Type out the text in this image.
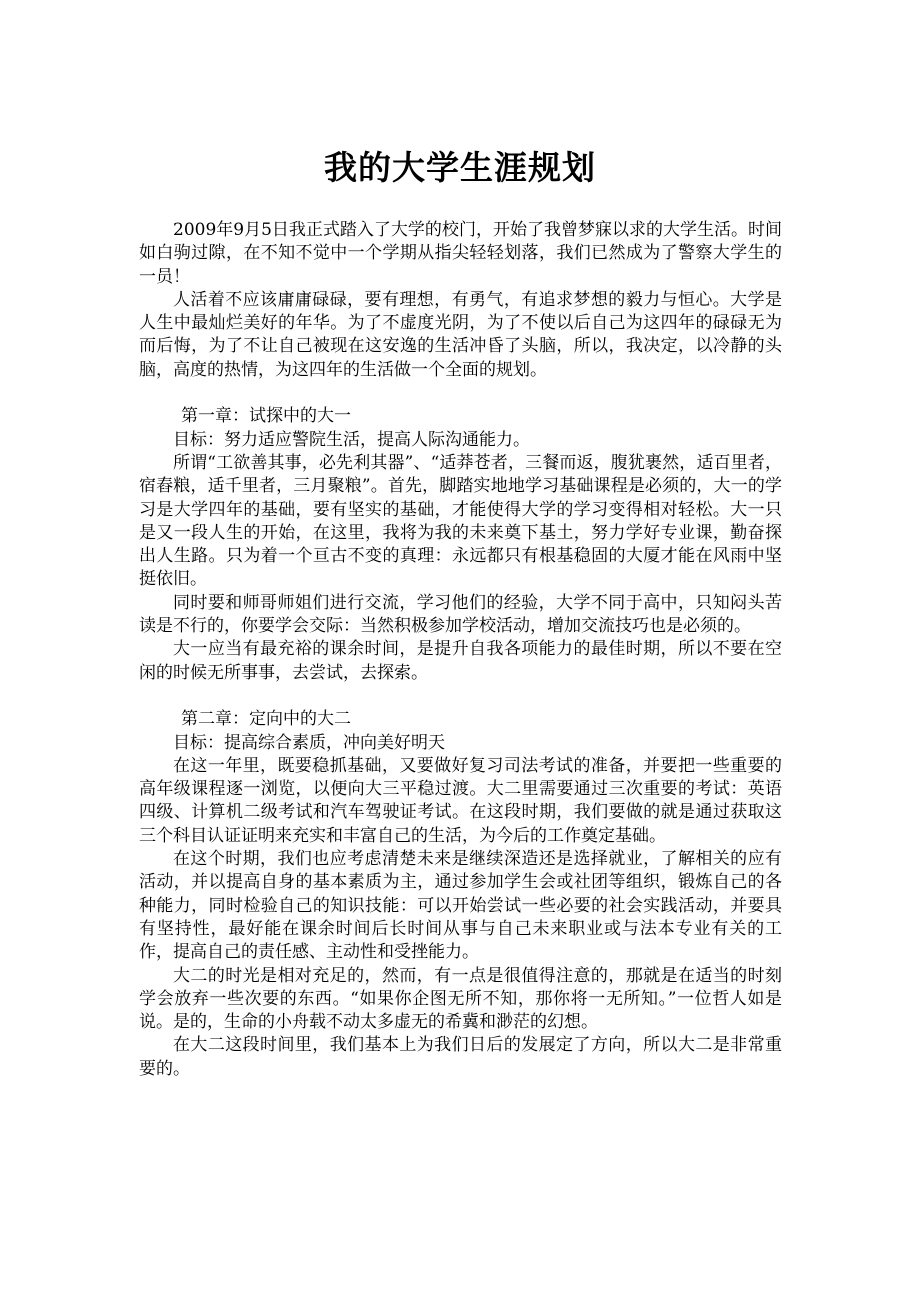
我的大学生涯规划

2009年9月5日我正式踏入了大学的校门，开始了我曾梦寐以求的大学生活。时间如白驹过隙，在不知不觉中一个学期从指尖轻轻划落，我们已然成为了警察大学生的一员！

人活着不应该庸庸碌碌，要有理想，有勇气，有追求梦想的毅力与恒心。大学是人生中最灿烂美好的年华。为了不虚度光阴，为了不使以后自己为这四年的碌碌无为而后悔，为了不让自己被现在这安逸的生活冲昏了头脑，所以，我决定，以冷静的头脑，高度的热情，为这四年的生活做一个全面的规划。

第一章：试探中的大一

目标：努力适应警院生活，提高人际沟通能力。

所谓“工欲善其事，必先利其器”、“适莽苍者，三餐而返，腹犹裹然，适百里者，宿舂粮，适千里者，三月聚粮”。首先，脚踏实地地学习基础课程是必须的，大一的学习是大学四年的基础，要有坚实的基础，才能使得大学的学习变得相对轻松。大一只是又一段人生的开始，在这里，我将为我的未来奠下基土，努力学好专业课，勤奋探出人生路。只为着一个亘古不变的真理：永远都只有根基稳固的大厦才能在风雨中坚挺依旧。

同时要和师哥师姐们进行交流，学习他们的经验，大学不同于高中，只知闷头苦读是不行的，你要学会交际：当然积极参加学校活动，增加交流技巧也是必须的。

大一应当有最充裕的课余时间，是提升自我各项能力的最佳时期，所以不要在空闲的时候无所事事，去尝试，去探索。

第二章：定向中的大二

目标：提高综合素质，冲向美好明天

在这一年里，既要稳抓基础，又要做好复习司法考试的准备，并要把一些重要的高年级课程逐一浏览，以便向大三平稳过渡。大二里需要通过三次重要的考试：英语四级、计算机二级考试和汽车驾驶证考试。在这段时期，我们要做的就是通过获取这三个科目认证证明来充实和丰富自己的生活，为今后的工作奠定基础。

在这个时期，我们也应考虑清楚未来是继续深造还是选择就业，了解相关的应有活动，并以提高自身的基本素质为主，通过参加学生会或社团等组织，锻炼自己的各种能力，同时检验自己的知识技能：可以开始尝试一些必要的社会实践活动，并要具有坚持性，最好能在课余时间后长时间从事与自己未来职业或与法本专业有关的工作，提高自己的责任感、主动性和受挫能力。

大二的时光是相对充足的，然而，有一点是很值得注意的，那就是在适当的时刻学会放弃一些次要的东西。“如果你企图无所不知，那你将一无所知。”一位哲人如是说。是的，生命的小舟载不动太多虚无的希冀和渺茫的幻想。

在大二这段时间里，我们基本上为我们日后的发展定了方向，所以大二是非常重要的。
